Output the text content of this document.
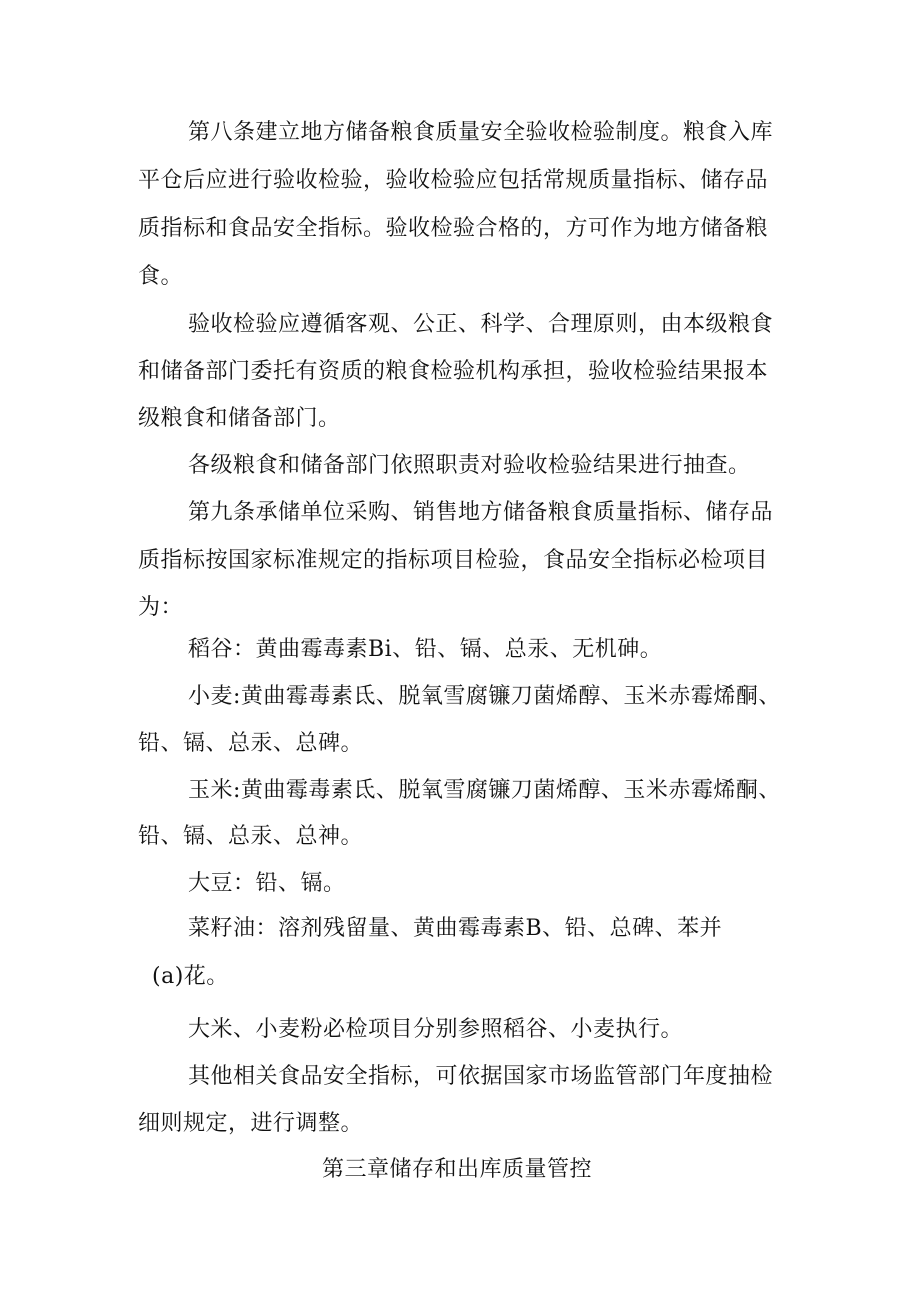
第八条建立地方储备粮食质量安全验收检验制度。粮食入库
平仓后应进行验收检验，验收检验应包括常规质量指标、储存品
质指标和食品安全指标。验收检验合格的，方可作为地方储备粮
食。
验收检验应遵循客观、公正、科学、合理原则，由本级粮食
和储备部门委托有资质的粮食检验机构承担，验收检验结果报本
级粮食和储备部门。
各级粮食和储备部门依照职责对验收检验结果进行抽查。
第九条承储单位采购、销售地方储备粮食质量指标、储存品
质指标按国家标准规定的指标项目检验，食品安全指标必检项目
为：
稻谷：黄曲霉毒素Bi、铅、镉、总汞、无机砷。
小麦:黄曲霉毒素氐、脱氧雪腐镰刀菌烯醇、玉米赤霉烯酮、
铅、镉、总汞、总碑。
玉米:黄曲霉毒素氐、脱氧雪腐镰刀菌烯醇、玉米赤霉烯酮、
铅、镉、总汞、总神。
大豆：铅、镉。
菜籽油：溶剂残留量、黄曲霉毒素B、铅、总碑、苯并
(a)花。
大米、小麦粉必检项目分别参照稻谷、小麦执行。
其他相关食品安全指标，可依据国家市场监管部门年度抽检
细则规定，进行调整。
第三章储存和出库质量管控
